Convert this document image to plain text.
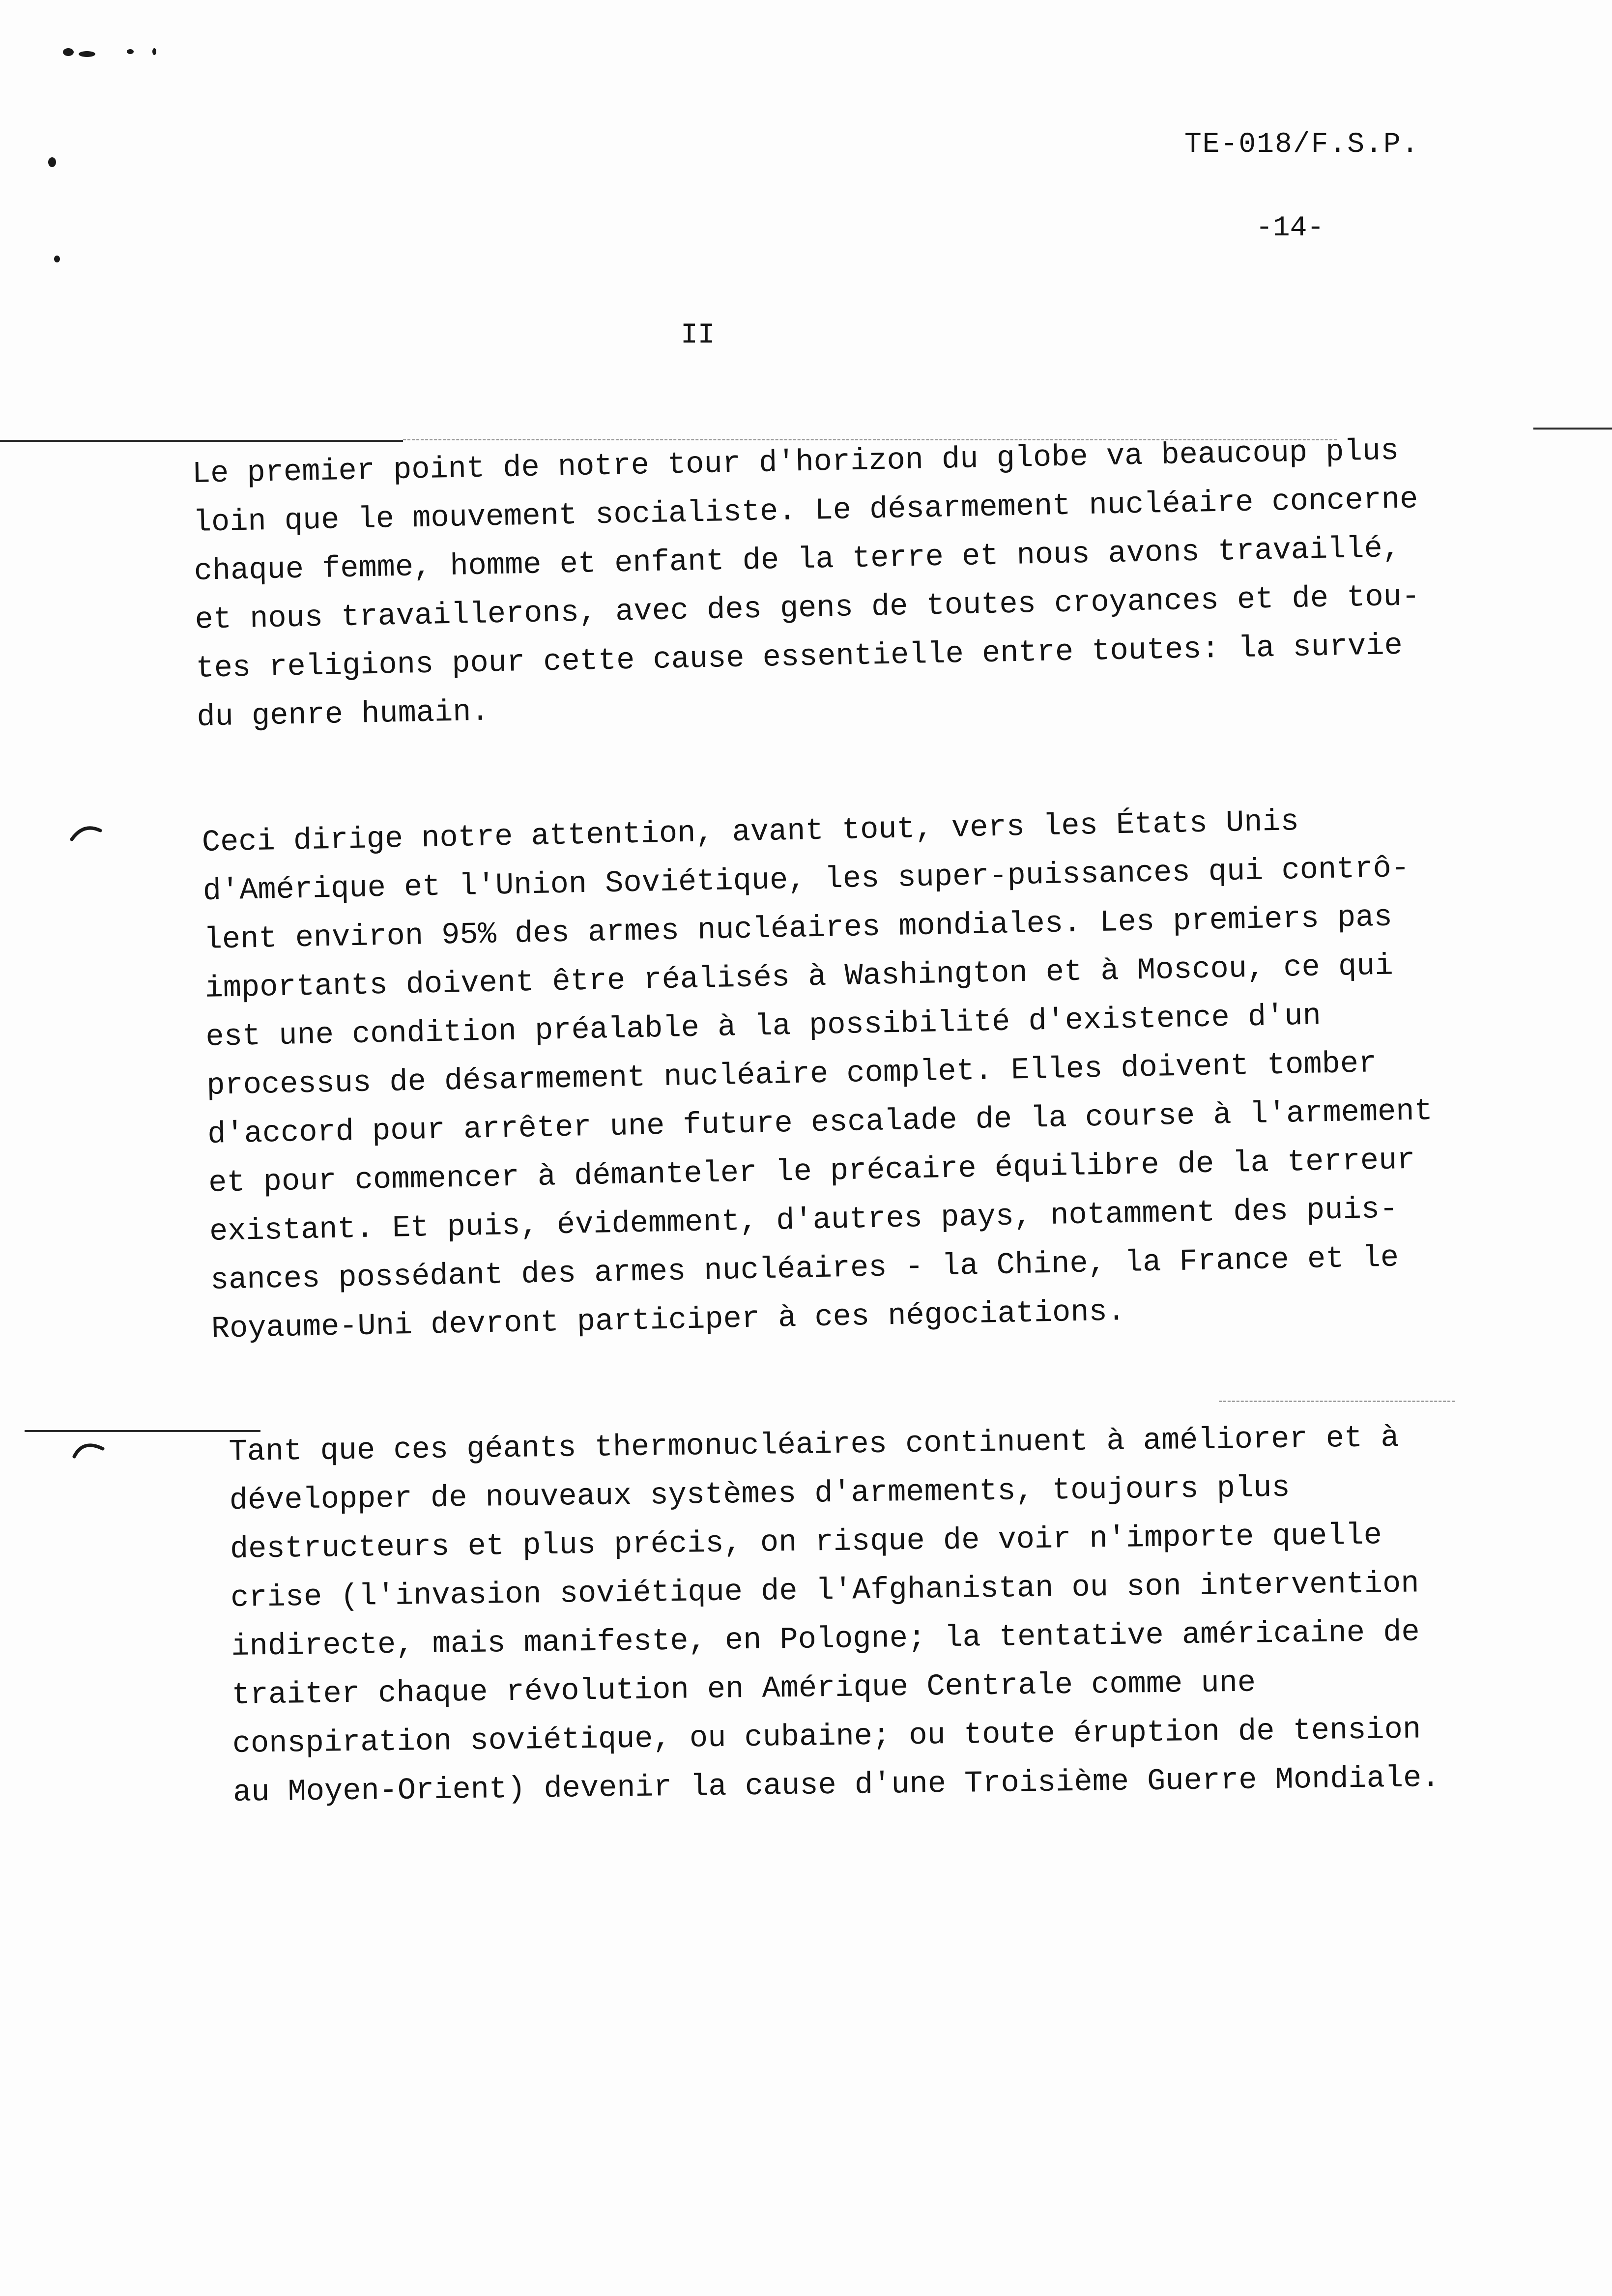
TE-018/F.S.P.
-14-
II
Le premier point de notre tour d'horizon du globe va beaucoup plus
loin que le mouvement socialiste. Le désarmement nucléaire concerne
chaque femme, homme et enfant de la terre et nous avons travaillé,
et nous travaillerons, avec des gens de toutes croyances et de tou-
tes religions pour cette cause essentielle entre toutes: la survie
du genre humain.
Ceci dirige notre attention, avant tout, vers les États Unis
d'Amérique et l'Union Soviétique, les super-puissances qui contrô-
lent environ 95% des armes nucléaires mondiales. Les premiers pas
importants doivent être réalisés à Washington et à Moscou, ce qui
est une condition préalable à la possibilité d'existence d'un
processus de désarmement nucléaire complet. Elles doivent tomber
d'accord pour arrêter une future escalade de la course à l'armement
et pour commencer à démanteler le précaire équilibre de la terreur
existant. Et puis, évidemment, d'autres pays, notamment des puis-
sances possédant des armes nucléaires - la Chine, la France et le
Royaume-Uni devront participer à ces négociations.
Tant que ces géants thermonucléaires continuent à améliorer et à
développer de nouveaux systèmes d'armements, toujours plus
destructeurs et plus précis, on risque de voir n'importe quelle
crise (l'invasion soviétique de l'Afghanistan ou son intervention
indirecte, mais manifeste, en Pologne; la tentative américaine de
traiter chaque révolution en Amérique Centrale comme une
conspiration soviétique, ou cubaine; ou toute éruption de tension
au Moyen-Orient) devenir la cause d'une Troisième Guerre Mondiale.
